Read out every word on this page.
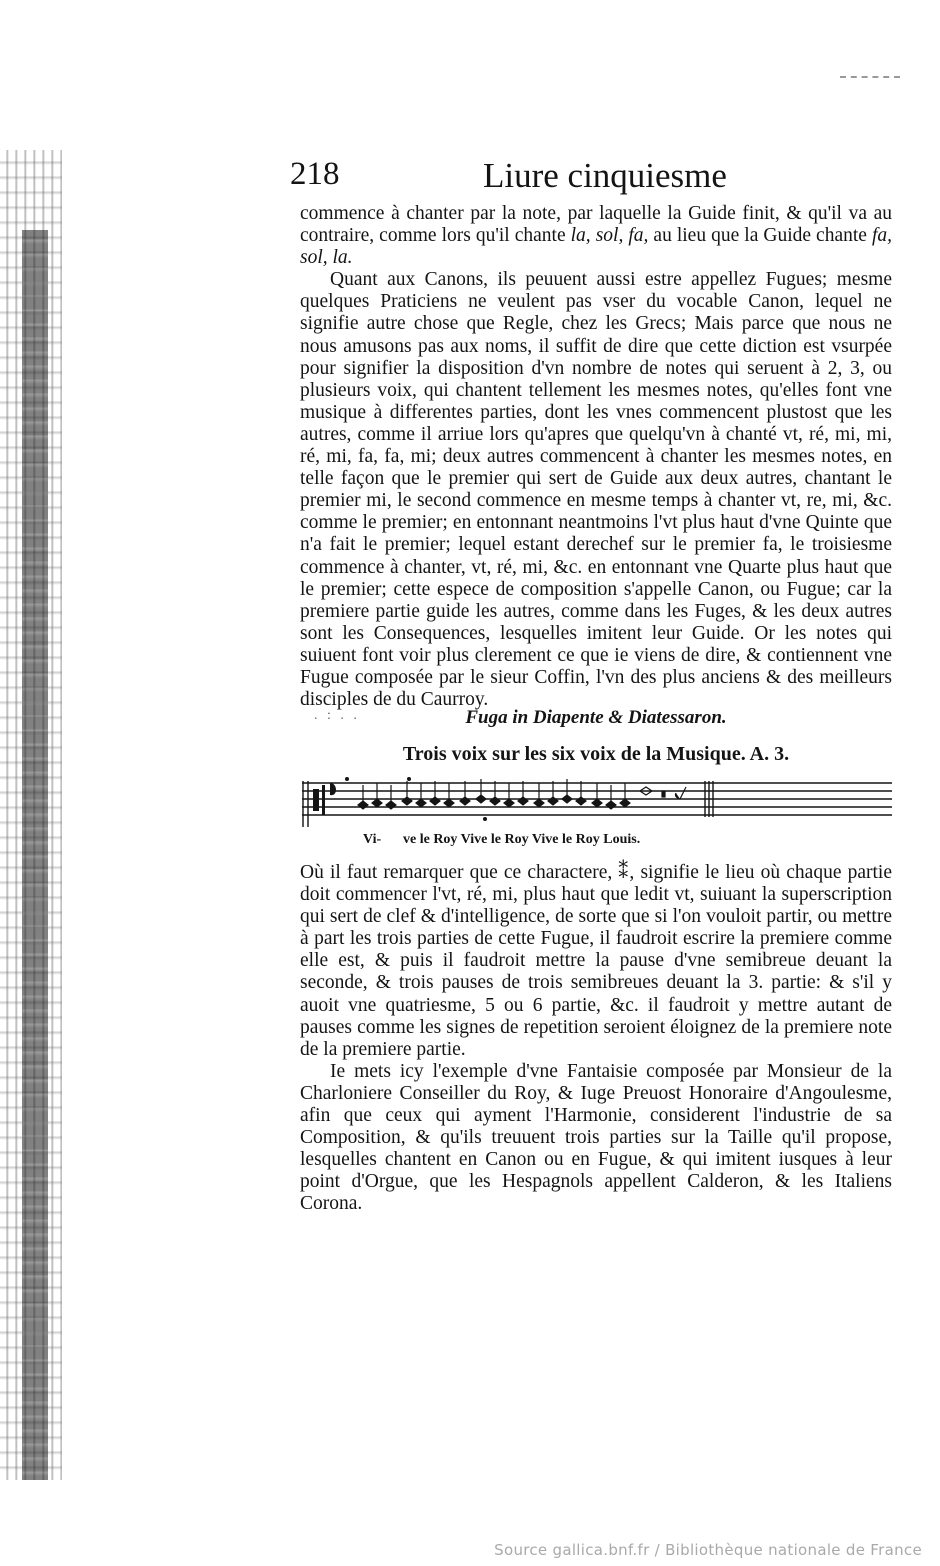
218	Liure cinquiesme

commence à chanter par la note, par laquelle la Guide finit, & qu'il va au contraire, comme lors qu'il chante la, sol, fa, au lieu que la Guide chante fa, sol, la.

Quant aux Canons, ils peuuent aussi estre appellez Fugues; mesme quelques Praticiens ne veulent pas vser du vocable Canon, lequel ne signifie autre chose que Regle, chez les Grecs; Mais parce que nous ne nous amusons pas aux noms, il suffit de dire que cette diction est vsurpée pour signifier la disposition d'vn nombre de notes qui seruent à 2, 3, ou plusieurs voix, qui chantent tellement les mesmes notes, qu'elles font vne musique à differentes parties, dont les vnes commencent plustost que les autres, comme il arriue lors qu'apres que quelqu'vn à chanté vt, ré, mi, mi, ré, mi, fa, fa, mi; deux autres commencent à chanter les mesmes notes, en telle façon que le premier qui sert de Guide aux deux autres, chantant le premier mi, le second commence en mesme temps à chanter vt, re, mi, &c. comme le premier; en entonnant neantmoins l'vt plus haut d'vne Quinte que n'a fait le premier; lequel estant derechef sur le premier fa, le troisiesme commence à chanter, vt, ré, mi, &c. en entonnant vne Quarte plus haut que le premier; cette espece de composition s'appelle Canon, ou Fugue; car la premiere partie guide les autres, comme dans les Fuges, & les deux autres sont les Consequences, lesquelles imitent leur Guide. Or les notes qui suiuent font voir plus clerement ce que ie viens de dire, & contiennent vne Fugue composée par le sieur Coffin, l'vn des plus anciens & des meilleurs disciples de du Caurroy.

. : . .	Fuga in Diapente & Diatessaron.
Trois voix sur les six voix de la Musique. A. 3.
Vi- ve le Roy Vive le Roy Vive le Roy Louis.

Où il faut remarquer que ce charactere, ⁑, signifie le lieu où chaque partie doit commencer l'vt, ré, mi, plus haut que ledit vt, suiuant la superscription qui sert de clef & d'intelligence, de sorte que si l'on vouloit partir, ou mettre à part les trois parties de cette Fugue, il faudroit escrire la premiere comme elle est, & puis il faudroit mettre la pause d'vne semibreue deuant la seconde, & trois pauses de trois semibreues deuant la 3. partie: & s'il y auoit vne quatriesme, 5 ou 6 partie, &c. il faudroit y mettre autant de pauses comme les signes de repetition seroient éloignez de la premiere note de la premiere partie.

Ie mets icy l'exemple d'vne Fantaisie composée par Monsieur de la Charloniere Conseiller du Roy, & Iuge Preuost Honoraire d'Angoulesme, afin que ceux qui ayment l'Harmonie, considerent l'industrie de sa Composition, & qu'ils treuuent trois parties sur la Taille qu'il propose, lesquelles chantent en Canon ou en Fugue, & qui imitent iusques à leur point d'Orgue, que les Hespagnols appellent Calderon, & les Italiens Corona.

Source gallica.bnf.fr / Bibliothèque nationale de France
